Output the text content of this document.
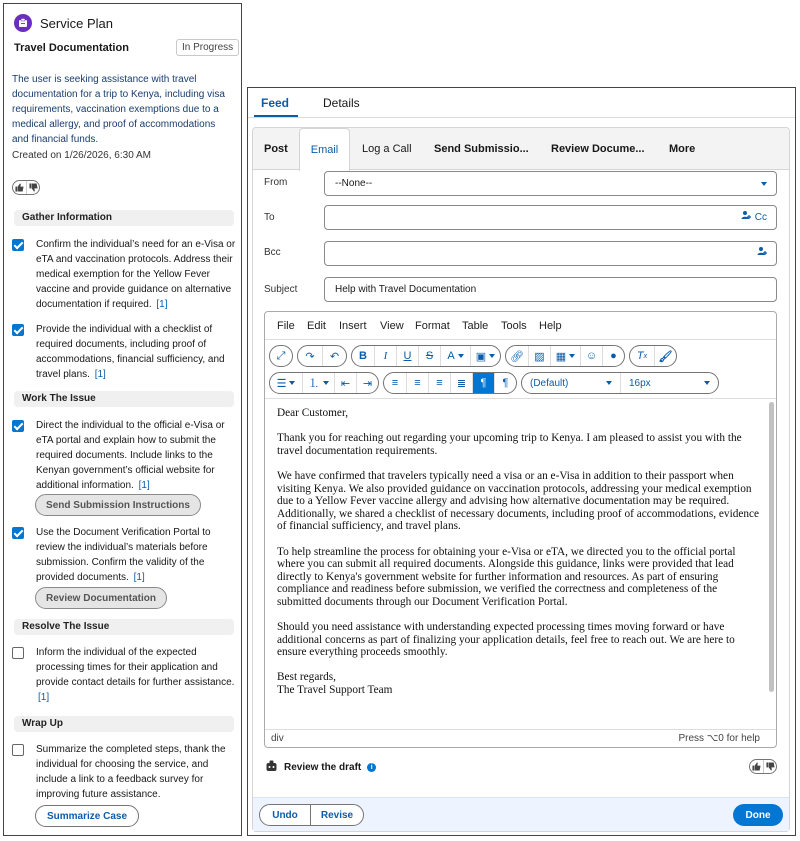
Service Plan
Travel Documentation	In Progress
The user is seeking assistance with travel documentation for a trip to Kenya, including visa requirements, vaccination exemptions due to a medical allergy, and proof of accommodations and financial funds.
Created on 1/26/2026, 6:30 AM
Gather Information
Confirm the individual’s need for an e-Visa or eTA and vaccination protocols. Address their medical exemption for the Yellow Fever vaccine and provide guidance on alternative documentation if required. [1]
Provide the individual with a checklist of required documents, including proof of accommodations, financial sufficiency, and travel plans. [1]
Work The Issue
Direct the individual to the official e-Visa or eTA portal and explain how to submit the required documents. Include links to the Kenyan government’s official website for additional information. [1]
Send Submission Instructions
Use the Document Verification Portal to review the individual’s materials before submission. Confirm the validity of the provided documents. [1]
Review Documentation
Resolve The Issue
Inform the individual of the expected processing times for their application and provide contact details for further assistance. [1]
Wrap Up
Summarize the completed steps, thank the individual for choosing the service, and include a link to a feedback survey for improving future assistance.
Summarize Case
Feed	Details
Post	Email	Log a Call Send Submissio... Review Docume... More
From	--None--
To	Cc
Bcc
Subject	Help with Travel Documentation
File Edit Insert View Format Table Tools Help
⤢	↷	↶	B	I	U	S	A	▣	🔗︎ ▨	▦	☺	●	T x	🖌︎
☰	⒈	⇤	⇥	≡	≡	≡	≣	¶	¶	(Default)	16px

Dear Customer,

Thank you for reaching out regarding your upcoming trip to Kenya. I am pleased to assist you with the travel documentation requirements.

We have confirmed that travelers typically need a visa or an e-Visa in addition to their passport when visiting Kenya. We also provided guidance on vaccination protocols, addressing your medical exemption due to a Yellow Fever vaccine allergy and advising how alternative documentation may be required. Additionally, we shared a checklist of necessary documents, including proof of accommodations, evidence of financial sufficiency, and travel plans.

To help streamline the process for obtaining your e-Visa or eTA, we directed you to the official portal where you can submit all required documents. Alongside this guidance, links were provided that lead directly to Kenya's government website for further information and resources. As part of ensuring compliance and readiness before submission, we verified the correctness and completeness of the submitted documents through our Document Verification Portal.

Should you need assistance with understanding expected processing times moving forward or have additional concerns as part of finalizing your application details, feel free to reach out. We are here to ensure everything proceeds smoothly.

Best regards,
The Travel Support Team
div	Press ⌥0 for help
Review the draft	i
Undo	Revise	Done
